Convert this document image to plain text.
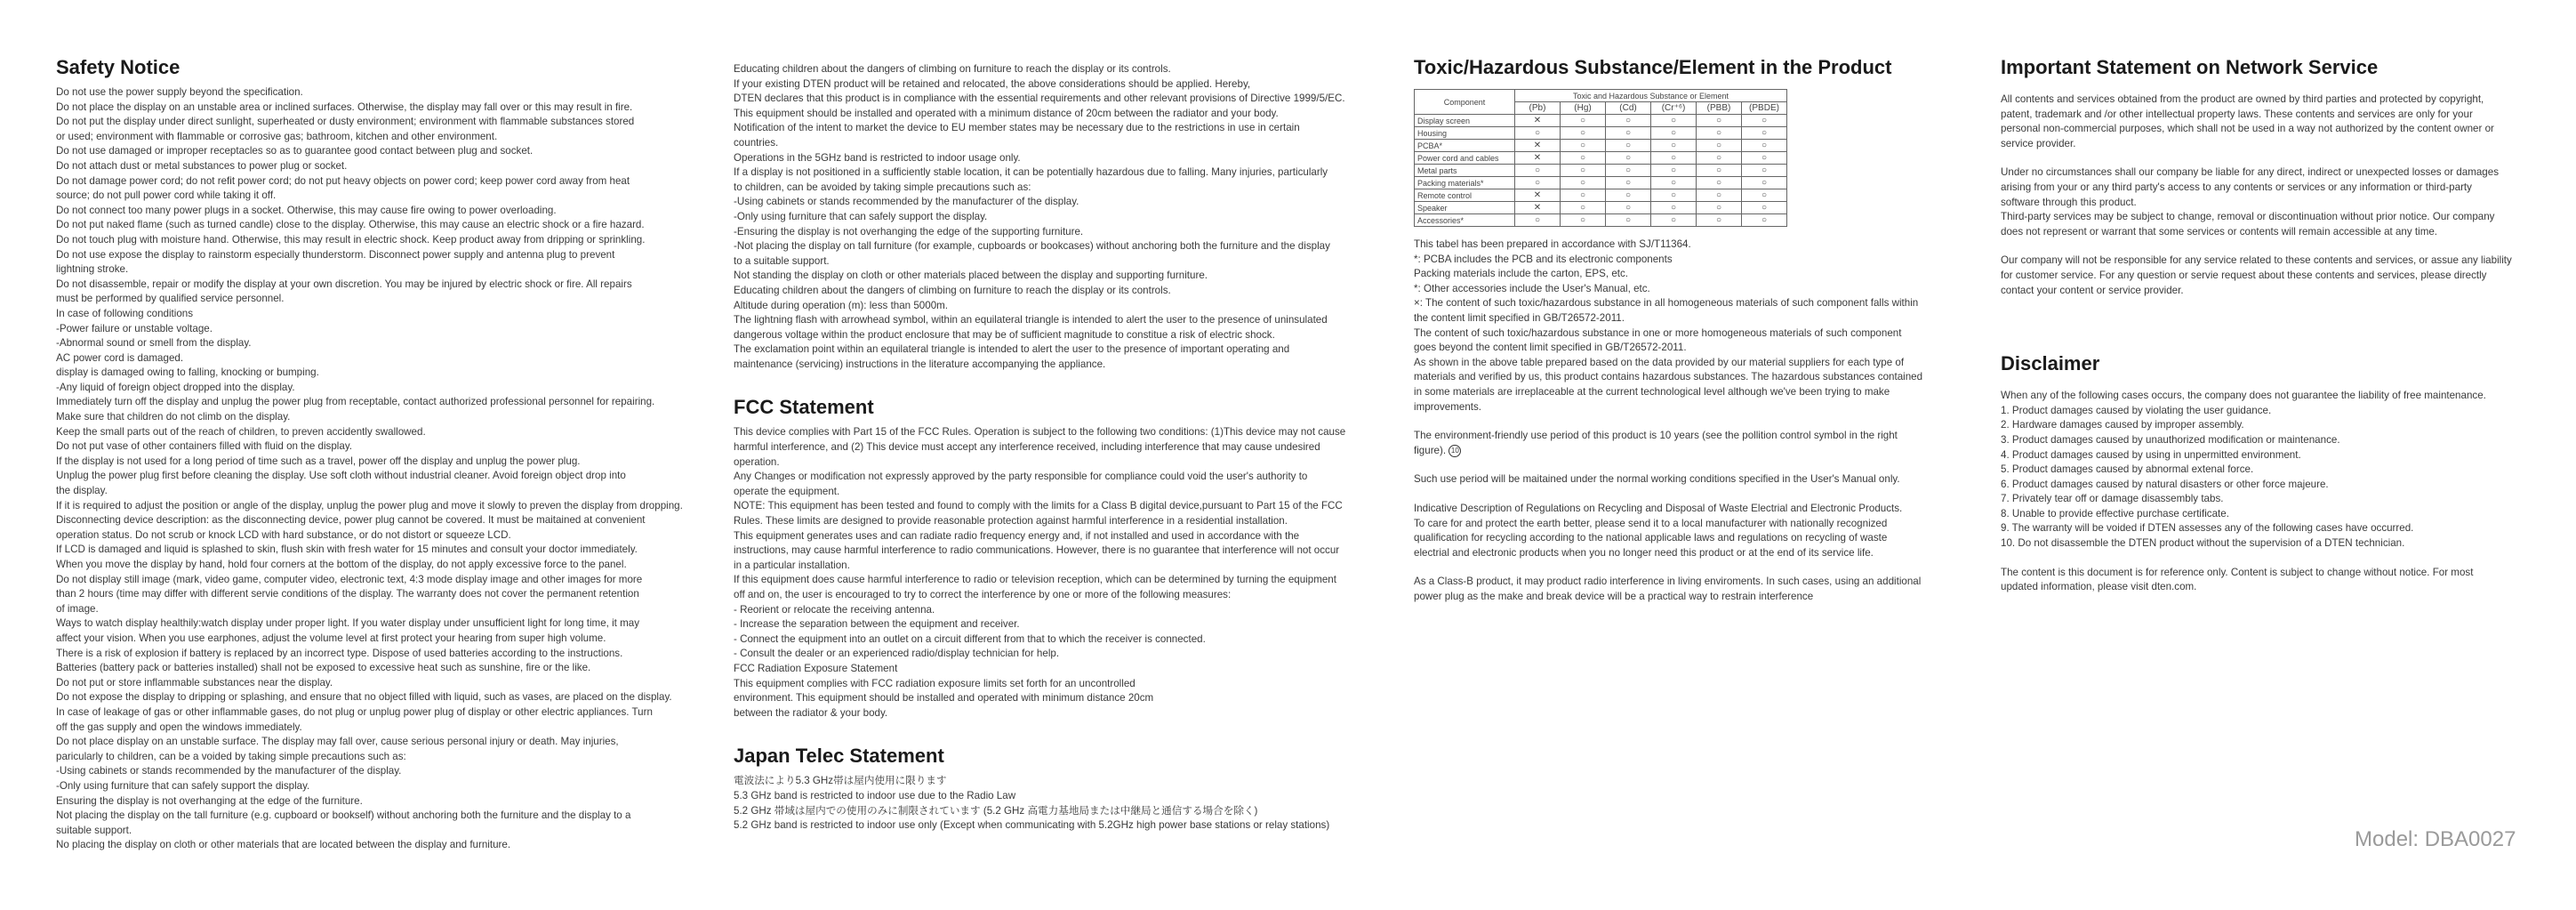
Safety Notice
Do not use the power supply beyond the specification.
Do not place the display on an unstable area or inclined surfaces. Otherwise, the display may fall over or this may result in fire.
Do not put the display under direct sunlight, superheated or dusty environment; environment with flammable substances stored
or used; environment with flammable or corrosive gas; bathroom, kitchen and other environment.
Do not use damaged or improper receptacles so as to guarantee good contact between plug and socket.
Do not attach dust or metal substances to power plug or socket.
Do not damage power cord; do not refit power cord; do not put heavy objects on power cord; keep power cord away from heat
source; do not pull power cord while taking it off.
Do not connect too many power plugs in a socket. Otherwise, this may cause fire owing to power overloading.
Do not put naked flame (such as turned candle) close to the display. Otherwise, this may cause an electric shock or a fire hazard.
Do not touch plug with moisture hand. Otherwise, this may result in electric shock. Keep product away from dripping or sprinkling.
Do not use expose the display to rainstorm especially thunderstorm. Disconnect power supply and antenna plug to prevent
lightning stroke.
Do not disassemble, repair or modify the display at your own discretion. You may be injured by electric shock or fire. All repairs
must be performed by qualified service personnel.
In case of following conditions
-Power failure or unstable voltage.
-Abnormal sound or smell from the display.
AC power cord is damaged.
display is damaged owing to falling, knocking or bumping.
-Any liquid of foreign object dropped into the display.
Immediately turn off the display and unplug the power plug from receptable, contact authorized professional personnel for repairing.
Make sure that children do not climb on the display.
Keep the small parts out of the reach of children, to preven accidently swallowed.
Do not put vase of other containers filled with fluid on the display.
If the display is not used for a long period of time such as a travel, power off the display and unplug the power plug.
Unplug the power plug first before cleaning the display. Use soft cloth without industrial cleaner. Avoid foreign object drop into
the display.
If it is required to adjust the position or angle of the display, unplug the power plug and move it slowly to preven the display from dropping.
Disconnecting device description: as the disconnecting device, power plug cannot be covered. It must be maitained at convenient
operation status. Do not scrub or knock LCD with hard substance, or do not distort or squeeze LCD.
If LCD is damaged and liquid is splashed to skin, flush skin with fresh water for 15 minutes and consult your doctor immediately.
When you move the display by hand, hold four corners at the bottom of the display, do not apply excessive force to the panel.
Do not display still image (mark, video game, computer video, electronic text, 4:3 mode display image and other images for more
than 2 hours (time may differ with different servie conditions of the display. The warranty does not cover the permanent retention
of image.
Ways to watch display healthily:watch display under proper light. If you water display under unsufficient light for long time, it may
affect your vision. When you use earphones, adjust the volume level at first protect your hearing from super high volume.
There is a risk of explosion if battery is replaced by an incorrect type. Dispose of used batteries according to the instructions.
Batteries (battery pack or batteries installed) shall not be exposed to excessive heat such as sunshine, fire or the like.
Do not put or store inflammable substances near the display.
Do not expose the display to dripping or splashing, and ensure that no object filled with liquid, such as vases, are placed on the display.
In case of leakage of gas or other inflammable gases, do not plug or unplug power plug of display or other electric appliances. Turn
off the gas supply and open the windows immediately.
Do not place display on an unstable surface. The display may fall over, cause serious personal injury or death. May injuries,
paricularly to children, can be a voided by taking simple precautions such as:
-Using cabinets or stands recommended by the manufacturer of the display.
-Only using furniture that can safely support the display.
Ensuring the display is not overhanging at the edge of the furniture.
Not placing the display on the tall furniture (e.g. cupboard or bookself) without anchoring both the furniture and the display to a
suitable support.
No placing the display on cloth or other materials that are located between the display and furniture.
Educating children about the dangers of climbing on furniture to reach the display or its controls.
If your existing DTEN product will be retained and relocated, the above considerations should be applied. Hereby,
DTEN declares that this product is in compliance with the essential requirements and other relevant provisions of Directive 1999/5/EC.
This equipment should be installed and operated with a minimum distance of 20cm between the radiator and your body.
Notification of the intent to market the device to EU member states may be necessary due to the restrictions in use in certain
countries.
Operations in the 5GHz band is restricted to indoor usage only.
If a display is not positioned in a sufficiently stable location, it can be potentially hazardous due to falling. Many injuries, particularly
to children, can be avoided by taking simple precautions such as:
-Using cabinets or stands recommended by the manufacturer of the display.
-Only using furniture that can safely support the display.
-Ensuring the display is not overhanging the edge of the supporting furniture.
-Not placing the display on tall furniture (for example, cupboards or bookcases) without anchoring both the furniture and the display
to a suitable support.
Not standing the display on cloth or other materials placed between the display and supporting furniture.
Educating children about the dangers of climbing on furniture to reach the display or its controls.
Altitude during operation (m): less than 5000m.
The lightning flash with arrowhead symbol, within an equilateral triangle is intended to alert the user to the presence of uninsulated
dangerous voltage within the product enclosure that may be of sufficient magnitude to constitue a risk of electric shock.
The exclamation point within an equilateral triangle is intended to alert the user to the presence of important operating and
maintenance (servicing) instructions in the literature accompanying the appliance.
FCC Statement
This device complies with Part 15 of the FCC Rules. Operation is subject to the following two conditions: (1)This device may not cause
harmful interference, and (2) This device must accept any interference received, including interference that may cause undesired
operation.
Any Changes or modification not expressly approved by the party responsible for compliance could void the user's authority to
operate the equipment.
NOTE: This equipment has been tested and found to comply with the limits for a Class B digital device,pursuant to Part 15 of the FCC
Rules. These limits are designed to provide reasonable protection against harmful interference in a residential installation.
This equipment generates uses and can radiate radio frequency energy and, if not installed and used in accordance with the
instructions, may cause harmful interference to radio communications. However, there is no guarantee that interference will not occur
in a particular installation.
If this equipment does cause harmful interference to radio or television reception, which can be determined by turning the equipment
off and on, the user is encouraged to try to correct the interference by one or more of the following measures:
- Reorient or relocate the receiving antenna.
- Increase the separation between the equipment and receiver.
- Connect the equipment into an outlet on a circuit different from that to which the receiver is connected.
- Consult the dealer or an experienced radio/display technician for help.
FCC Radiation Exposure Statement
This equipment complies with FCC radiation exposure limits set forth for an uncontrolled
environment. This equipment should be installed and operated with minimum distance 20cm
between the radiator & your body.
Japan Telec Statement
電波法により5.3 GHz帯は屋内使用に限ります
5.3 GHz band is restricted to indoor use due to the Radio Law
5.2 GHz 帯域は屋内での使用のみに制限されています (5.2 GHz 高電力基地局または中継局と通信する場合を除く)
5.2 GHz band is restricted to indoor use only (Except when communicating with 5.2GHz high power base stations or relay stations)
Toxic/Hazardous Substance/Element in the Product
Component	Toxic and Hazardous Substance or Element					
	(Pb)	(Hg)	(Cd)	(Cr⁺⁶)	(PBB)	(PBDE)
Display screen	✕	○	○	○	○	○
Housing	○	○	○	○	○	○
PCBA*	✕	○	○	○	○	○
Power cord and cables	✕	○	○	○	○	○
Metal parts	○	○	○	○	○	○
Packing materials*	○	○	○	○	○	○
Remote control	✕	○	○	○	○	○
Speaker	✕	○	○	○	○	○
Accessories*	○	○	○	○	○	○
This tabel has been prepared in accordance with SJ/T11364.
*: PCBA includes the PCB and its electronic components
Packing materials include the carton, EPS, etc.
*: Other accessories include the User's Manual, etc.
×: The content of such toxic/hazardous substance in all homogeneous materials of such component falls within
the content limit specified in GB/T26572-2011.
The content of such toxic/hazardous substance in one or more homogeneous materials of such component
goes beyond the content limit specified in GB/T26572-2011.
As shown in the above table prepared based on the data provided by our material suppliers for each type of
materials and verified by us, this product contains hazardous substances. The hazardous substances contained
in some materials are irreplaceable at the current technological level although we've been trying to make
improvements.
The environment-friendly use period of this product is 10 years (see the pollition control symbol in the right
figure). 10
Such use period will be maitained under the normal working conditions specified in the User's Manual only.
Indicative Description of Regulations on Recycling and Disposal of Waste Electrial and Electronic Products.
To care for and protect the earth better, please send it to a local manufacturer with nationally recognized
qualification for recycling according to the national applicable laws and regulations on recycling of waste
electrial and electronic products when you no longer need this product or at the end of its service life.
As a Class-B product, it may product radio interference in living enviroments. In such cases, using an additional
power plug as the make and break device will be a practical way to restrain interference
Important Statement on Network Service
All contents and services obtained from the product are owned by third parties and protected by copyright,
patent, trademark and /or other intellectual property laws. These contents and services are only for your
personal non-commercial purposes, which shall not be used in a way not authorized by the content owner or
service provider.
Under no circumstances shall our company be liable for any direct, indirect or unexpected losses or damages
arising from your or any third party's access to any contents or services or any information or third-party
software through this product.
Third-party services may be subject to change, removal or discontinuation without prior notice. Our company
does not represent or warrant that some services or contents will remain accessible at any time.
Our company will not be responsible for any service related to these contents and services, or assue any liability
for customer service. For any question or servie request about these contents and services, please directly
contact your content or service provider.
Disclaimer
When any of the following cases occurs, the company does not guarantee the liability of free maintenance.
1. Product damages caused by violating the user guidance.
2. Hardware damages caused by improper assembly.
3. Product damages caused by unauthorized modification or maintenance.
4. Product damages caused by using in unpermitted environment.
5. Product damages caused by abnormal extenal force.
6. Product damages caused by natural disasters or other force majeure.
7. Privately tear off or damage disassembly tabs.
8. Unable to provide effective purchase certificate.
9. The warranty will be voided if DTEN assesses any of the following cases have occurred.
10. Do not disassemble the DTEN product without the supervision of a DTEN technician.
The content is this document is for reference only. Content is subject to change without notice. For most
updated information, please visit dten.com.
Model: DBA0027
